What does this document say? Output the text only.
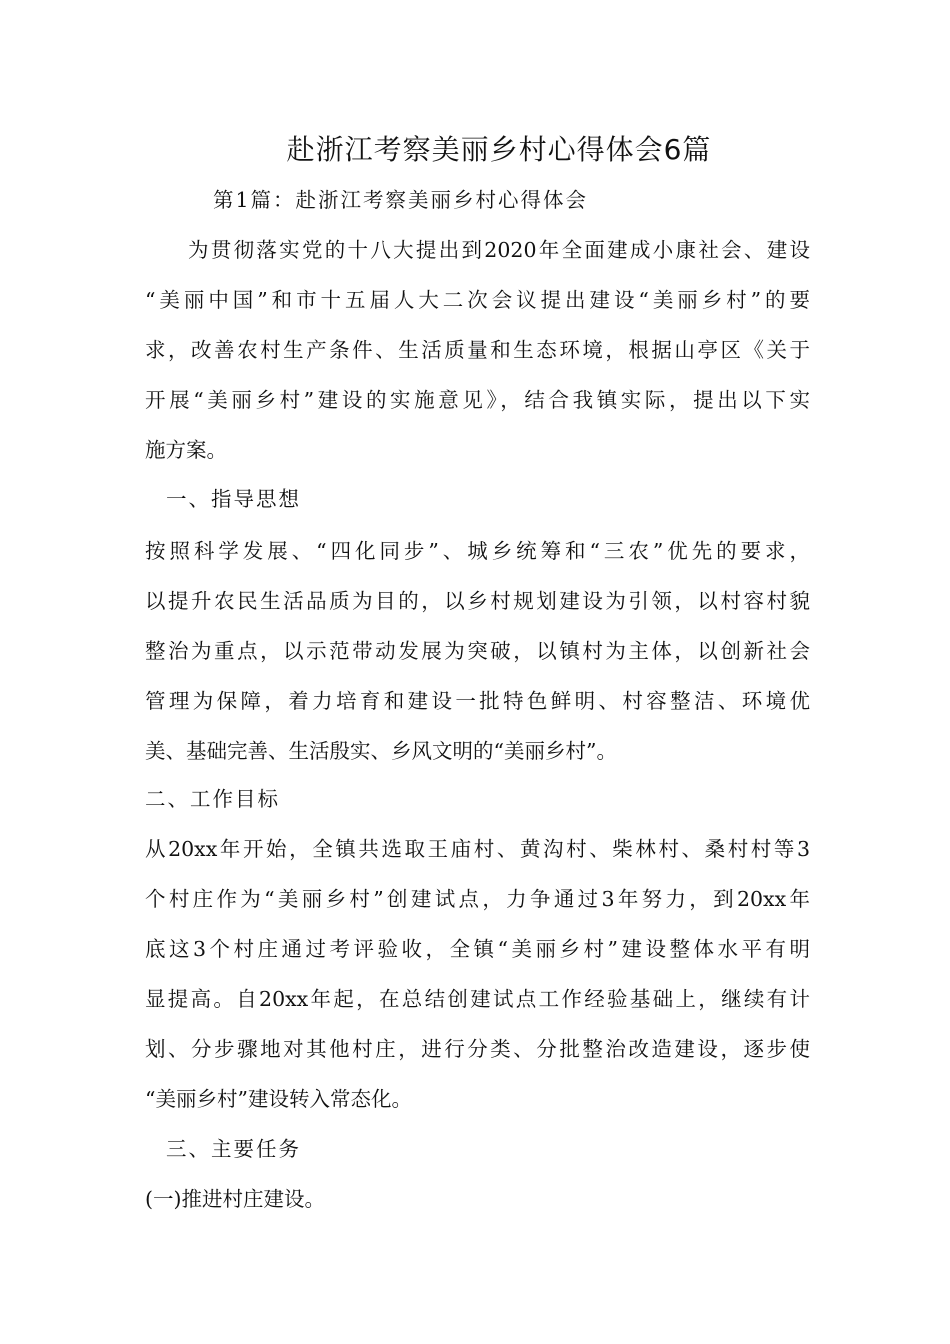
赴浙江考察美丽乡村心得体会6篇
第1篇：赴浙江考察美丽乡村心得体会
为贯彻落实党的十八大提出到2020年全面建成小康社会、建设
“美丽中国”和市十五届人大二次会议提出建设“美丽乡村”的要
求，改善农村生产条件、生活质量和生态环境，根据山亭区《关于
开展“美丽乡村”建设的实施意见》，结合我镇实际，提出以下实
施方案。
一、指导思想
按照科学发展、“四化同步”、城乡统筹和“三农”优先的要求，
以提升农民生活品质为目的，以乡村规划建设为引领，以村容村貌
整治为重点，以示范带动发展为突破，以镇村为主体，以创新社会
管理为保障，着力培育和建设一批特色鲜明、村容整洁、环境优
美、基础完善、生活殷实、乡风文明的“美丽乡村”。
二、工作目标
从20xx年开始，全镇共选取王庙村、黄沟村、柴林村、桑村村等3
个村庄作为“美丽乡村”创建试点，力争通过3年努力，到20xx年
底这3个村庄通过考评验收，全镇“美丽乡村”建设整体水平有明
显提高。自20xx年起，在总结创建试点工作经验基础上，继续有计
划、分步骤地对其他村庄，进行分类、分批整治改造建设，逐步使
“美丽乡村”建设转入常态化。
三、主要任务
(一)推进村庄建设。
